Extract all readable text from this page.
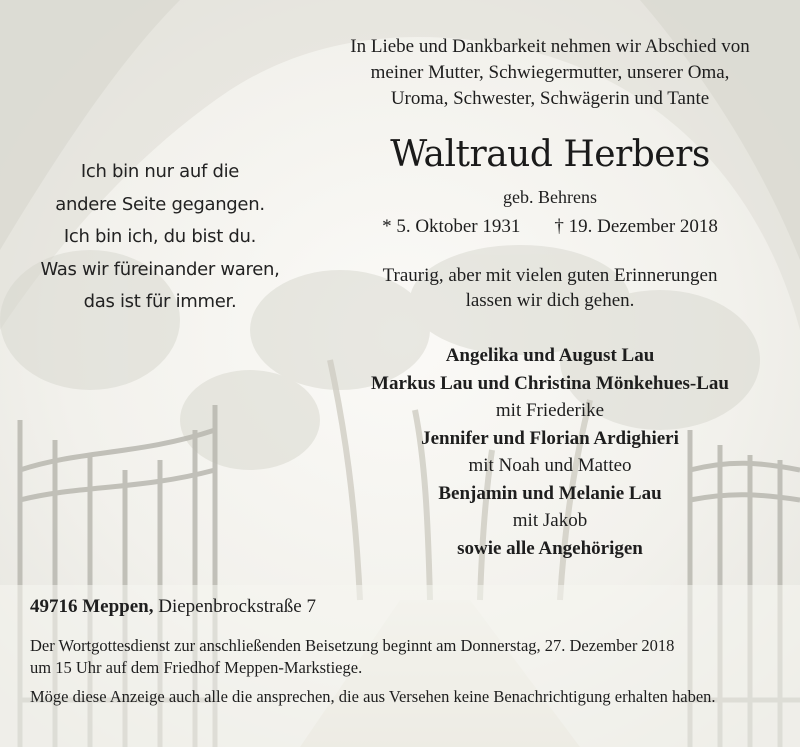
In Liebe und Dankbarkeit nehmen wir Abschied von
meiner Mutter, Schwiegermutter, unserer Oma,
Uroma, Schwester, Schwägerin und Tante
Waltraud Herbers
geb. Behrens
* 5. Oktober 1931 † 19. Dezember 2018
Ich bin nur auf die
andere Seite gegangen.
Ich bin ich, du bist du.
Was wir füreinander waren,
das ist für immer.
Traurig, aber mit vielen guten Erinnerungen
lassen wir dich gehen.
Angelika und August Lau
Markus Lau und Christina Mönkehues-Lau
mit Friederike
Jennifer und Florian Ardighieri
mit Noah und Matteo
Benjamin und Melanie Lau
mit Jakob
sowie alle Angehörigen
49716 Meppen, Diepenbrockstraße 7
Der Wortgottesdienst zur anschließenden Beisetzung beginnt am Donnerstag, 27. Dezember 2018
um 15 Uhr auf dem Friedhof Meppen-Markstiege.
Möge diese Anzeige auch alle die ansprechen, die aus Versehen keine Benachrichtigung erhalten haben.
